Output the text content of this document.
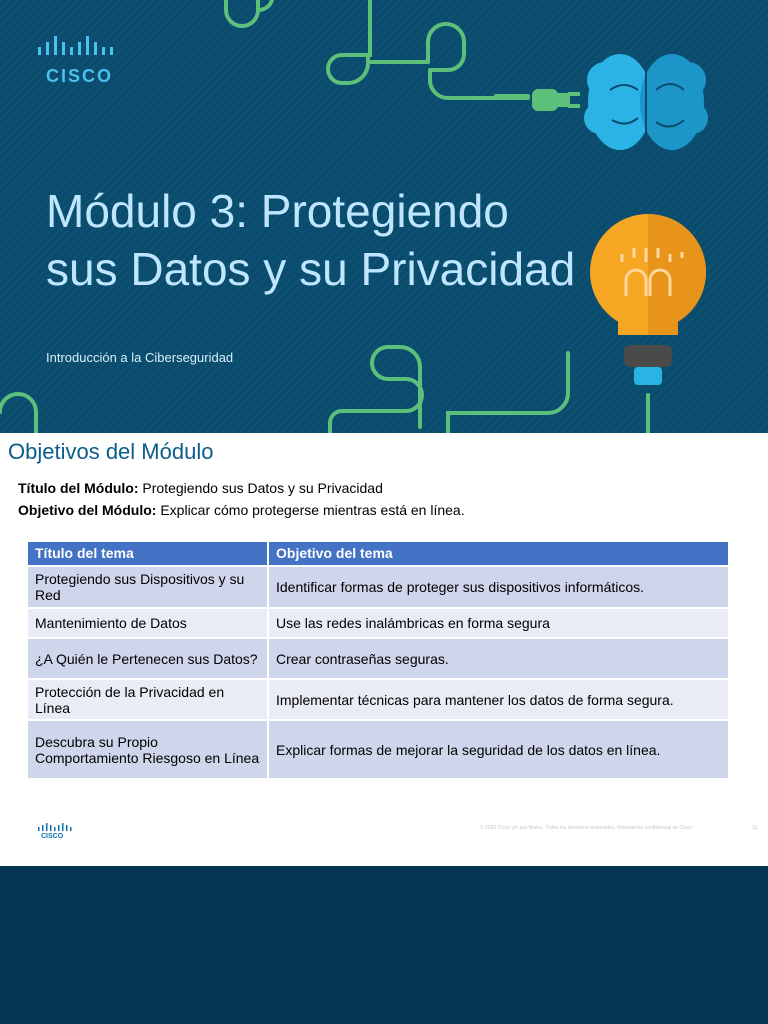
CISCO
Módulo 3: Protegiendo
sus Datos y su Privacidad
Introducción a la Ciberseguridad
Objetivos del Módulo
Título del Módulo: Protegiendo sus Datos y su Privacidad
Objetivo del Módulo: Explicar cómo protegerse mientras está en línea.
Título del tema	Objetivo del tema
Protegiendo sus Dispositivos y su Red	Identificar formas de proteger sus dispositivos informáticos.
Mantenimiento de Datos	Use las redes inalámbricas en forma segura
¿A Quién le Pertenecen sus Datos?	Crear contraseñas seguras.
Protección de la Privacidad en Línea	Implementar técnicas para mantener los datos de forma segura.
Descubra su Propio Comportamiento Riesgoso en Línea	Explicar formas de mejorar la seguridad de los datos en línea.
CISCO
© 2020 Cisco y/o sus filiales. Todos los derechos reservados. Información confidencial de Cisco	12
